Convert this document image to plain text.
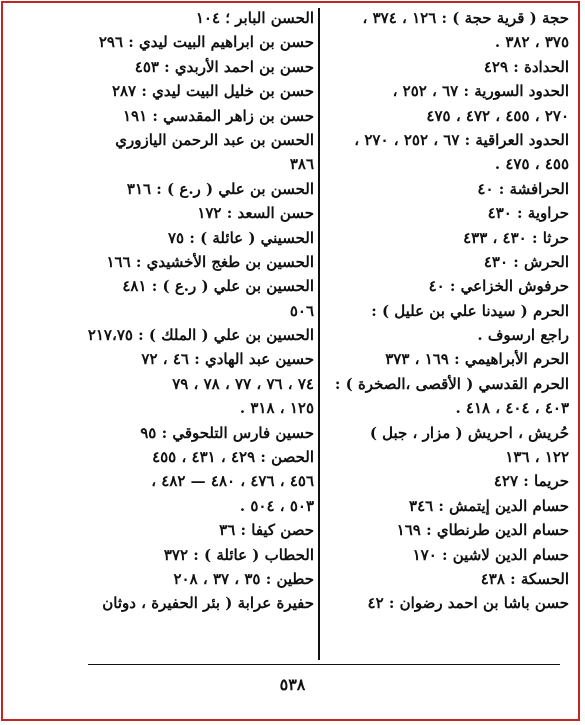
حجة ( قرية حجة ) : ١٢٦ ، ٣٧٤ ،
٣٧٥ ، ٣٨٢ .
الحدادة : ٤٢٩
الحدود السورية : ٦٧ ، ٢٥٢ ،
٢٧٠ ، ٤٥٥ ، ٤٧٢ ، ٤٧٥
الحدود العراقية : ٦٧ ، ٢٥٢ ، ٢٧٠ ،
٤٥٥ ، ٤٧٥ .
الحرافشة : ٤٠
حراوية : ٤٣٠
حرثا : ٤٣٠ ، ٤٣٣
الحرش : ٤٣٠
حرفوش الخزاعي : ٤٠
الحرم ( سيدنا علي بن عليل ) :
راجع ارسوف .
الحرم الأبراهيمي : ١٦٩ ، ٣٧٣
الحرم القدسي ( الأقصى ،الصخرة ) :
٤٠٣ ، ٤٠٤ ، ٤١٨ .
حُريش ، احريش ( مزار ، جبل )
١٢٢ ، ١٣٦
حريما : ٤٢٧
حسام الدين إيتمش : ٣٤٦
حسام الدين طرنطاي : ١٦٩
حسام الدين لاشين : ١٧٠
الحسكة : ٤٣٨
حسن باشا بن احمد رضوان : ٤٢
الحسن البابر ؛ ١٠٤
حسن بن ابراهيم البيت ليدي : ٢٩٦
حسن بن احمد الأربدي : ٤٥٣
حسن بن خليل البيت ليدي : ٢٨٧
حسن بن زاهر المقدسي : ١٩١
الحسن بن عبد الرحمن اليازوري
٣٨٦
الحسن بن علي ( ر.ع ) : ٣١٦
حسن السعد : ١٧٢
الحسيني ( عائلة ) : ٧٥
الحسين بن طغج الأخشيدي : ١٦٦
الحسين بن علي ( ر.ع ) : ٤٨١
٥٠٦
الحسين بن علي ( الملك ) : ٢١٧،٧٥
حسين عبد الهادي : ٤٦ ، ٧٢
٧٤ ، ٧٦ ، ٧٧ ، ٧٨ ، ٧٩
١٢٥ ، ٣١٨ .
حسين فارس التلحوقي : ٩٥
الحصن : ٤٢٩ ، ٤٣١ ، ٤٥٥
٤٥٦ ، ٤٧٦ ، ٤٨٠ — ٤٨٢ ،
٥٠٣ ، ٥٠٤ .
حصن كيفا : ٣٦
الحطاب ( عائلة ) : ٣٧٢
حطين : ٣٥ ، ٣٧ ، ٢٠٨
حفيرة عرابة ( بئر الحفيرة ، دوثان
٥٣٨
